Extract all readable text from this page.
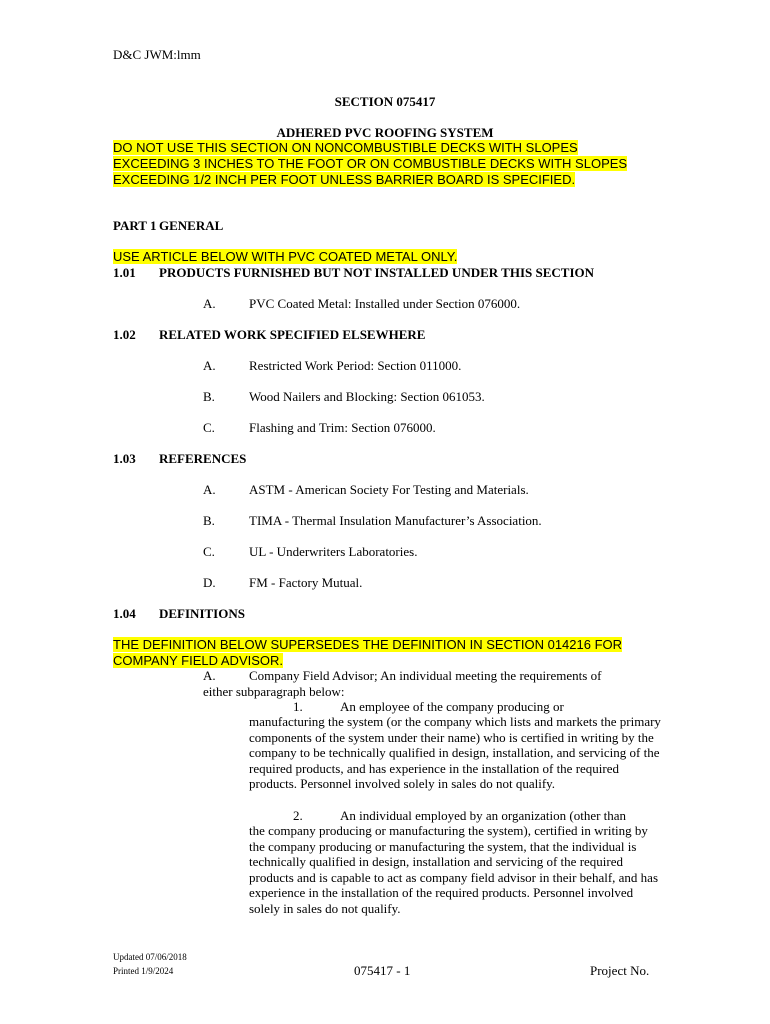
D&C JWM:lmm
SECTION 075417
ADHERED PVC ROOFING SYSTEM
DO NOT USE THIS SECTION ON NONCOMBUSTIBLE DECKS WITH SLOPES
EXCEEDING 3 INCHES TO THE FOOT OR ON COMBUSTIBLE DECKS WITH SLOPES
EXCEEDING 1/2 INCH PER FOOT UNLESS BARRIER BOARD IS SPECIFIED.
PART 1 GENERAL
USE ARTICLE BELOW WITH PVC COATED METAL ONLY.
1.01 PRODUCTS FURNISHED BUT NOT INSTALLED UNDER THIS SECTION
A.	PVC Coated Metal: Installed under Section 076000.
1.02 RELATED WORK SPECIFIED ELSEWHERE
A.	Restricted Work Period: Section 011000.
B.	Wood Nailers and Blocking: Section 061053.
C.	Flashing and Trim: Section 076000.
1.03 REFERENCES
A.	ASTM - American Society For Testing and Materials.
B.	TIMA - Thermal Insulation Manufacturer’s Association.
C.	UL - Underwriters Laboratories.
D.	FM - Factory Mutual.
1.04 DEFINITIONS
THE DEFINITION BELOW SUPERSEDES THE DEFINITION IN SECTION 014216 FOR
COMPANY FIELD ADVISOR.
A.	Company Field Advisor; An individual meeting the requirements of
either subparagraph below:
1.	An employee of the company producing or
manufacturing the system (or the company which lists and markets the primary components of the system under their name) who is certified in writing by the company to be technically qualified in design, installation, and servicing of the required products, and has experience in the installation of the required products. Personnel involved solely in sales do not qualify.
2.	An individual employed by an organization (other than
the company producing or manufacturing the system), certified in writing by the company producing or manufacturing the system, that the individual is technically qualified in design, installation and servicing of the required products and is capable to act as company field advisor in their behalf, and has experience in the installation of the required products. Personnel involved solely in sales do not qualify.
Updated 07/06/2018
Printed 1/9/2024	075417 - 1	Project No.
